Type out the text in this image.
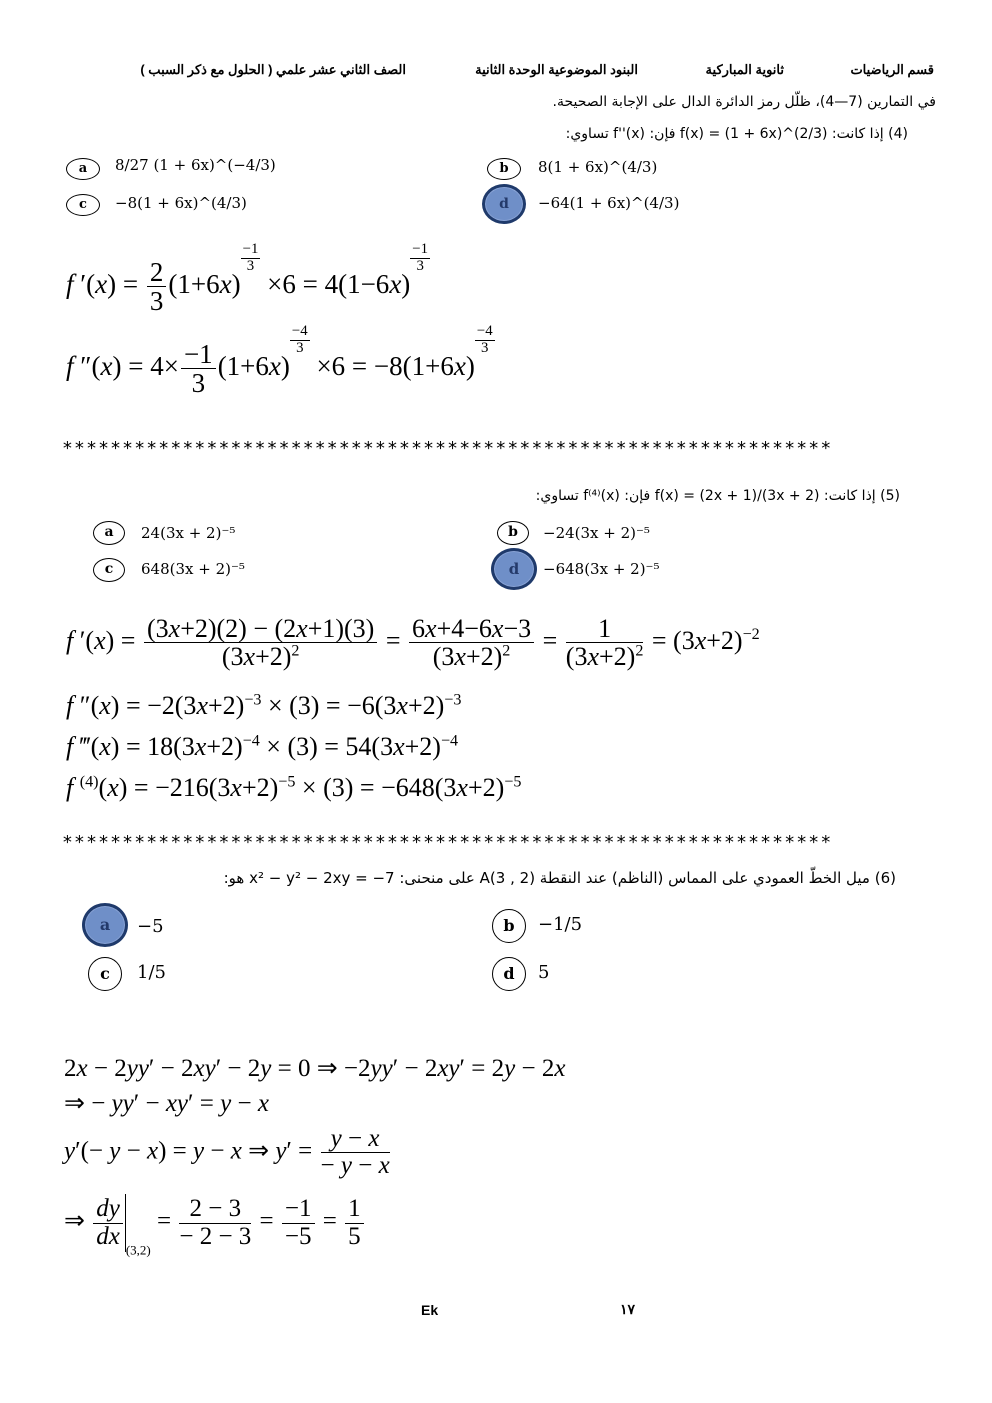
قسم الرياضيات
ثانوية المباركية
البنود الموضوعية الوحدة الثانية
الصف الثاني عشر علمي ( الحلول مع ذكر السبب )
في التمارين (7—4)، ظلّل رمز الدائرة الدال على الإجابة الصحيحة.
(4) إذا كانت: f(x) = (1 + 6x)^(2/3) فإن: f''(x) تساوي:
a	8/27 (1 + 6x)^(−4/3)	b	8(1 + 6x)^(4/3)
c	−8(1 + 6x)^(4/3)	d	−64(1 + 6x)^(4/3)
f $'(x) = \frac{2}{3} (1+6x)$
$\frac{-1}{3}$
×6 = 4(1−6x)
$\frac{-1}{3}$
f $''(x) = 4\times \frac{-1}{3} (1+6x)$
$\frac{-4}{3}$
×6 = −8(1+6x)
$\frac{-4}{3}$
****************************************************************
(5) إذا كانت: f(x) = (2x + 1)/(3x + 2) فإن: f⁽⁴⁾(x) تساوي:
a	24(3x + 2)⁻⁵	b	−24(3x + 2)⁻⁵
c	648(3x + 2)⁻⁵	d	−648(3x + 2)⁻⁵
f $'(x) = \frac{(3x+2)(2) - (2x+1)(3)}{(3x+2)^2} = \frac{6x+4-6x-3}{(3x+2)^2} = \frac{1}{(3x+2)^2} = (3x+2)^{-2}$
f $''(x) = -2(3x+2)^{-3} \times (3) = -6(3x+2)^{-3}$
f ‴(x) = $18(3x+2)^{-4} \times (3) = 54(3x+2)^{-4}$
f $^{(4)}(x) = -216(3x+2)^{-5} \times (3) = -648(3x+2)^{-5}$
****************************************************************
(6) ميل الخطّ العمودي على المماس (الناظم) عند النقطة (2 , 3)A على منحنى: x² − y² − 2xy = −7 هو:
a	−5	b	−1/5
c	1/5	d	5
2x − 2yy′ − 2xy′ − 2y = 0 ⇒ −2yy′ − 2xy′ = 2y − 2x
⇒ − yy′ − xy′ = y − x
y′(− y − x) = y − x ⇒ $y' = \frac{y - x}{- y - x}$
⇒ $\frac{dy}{dx}$
$_{(3,2)} = \frac{2 - 3}{- 2 - 3} = \frac{-1}{-5} = \frac{1}{5}$
Ek	١٧
